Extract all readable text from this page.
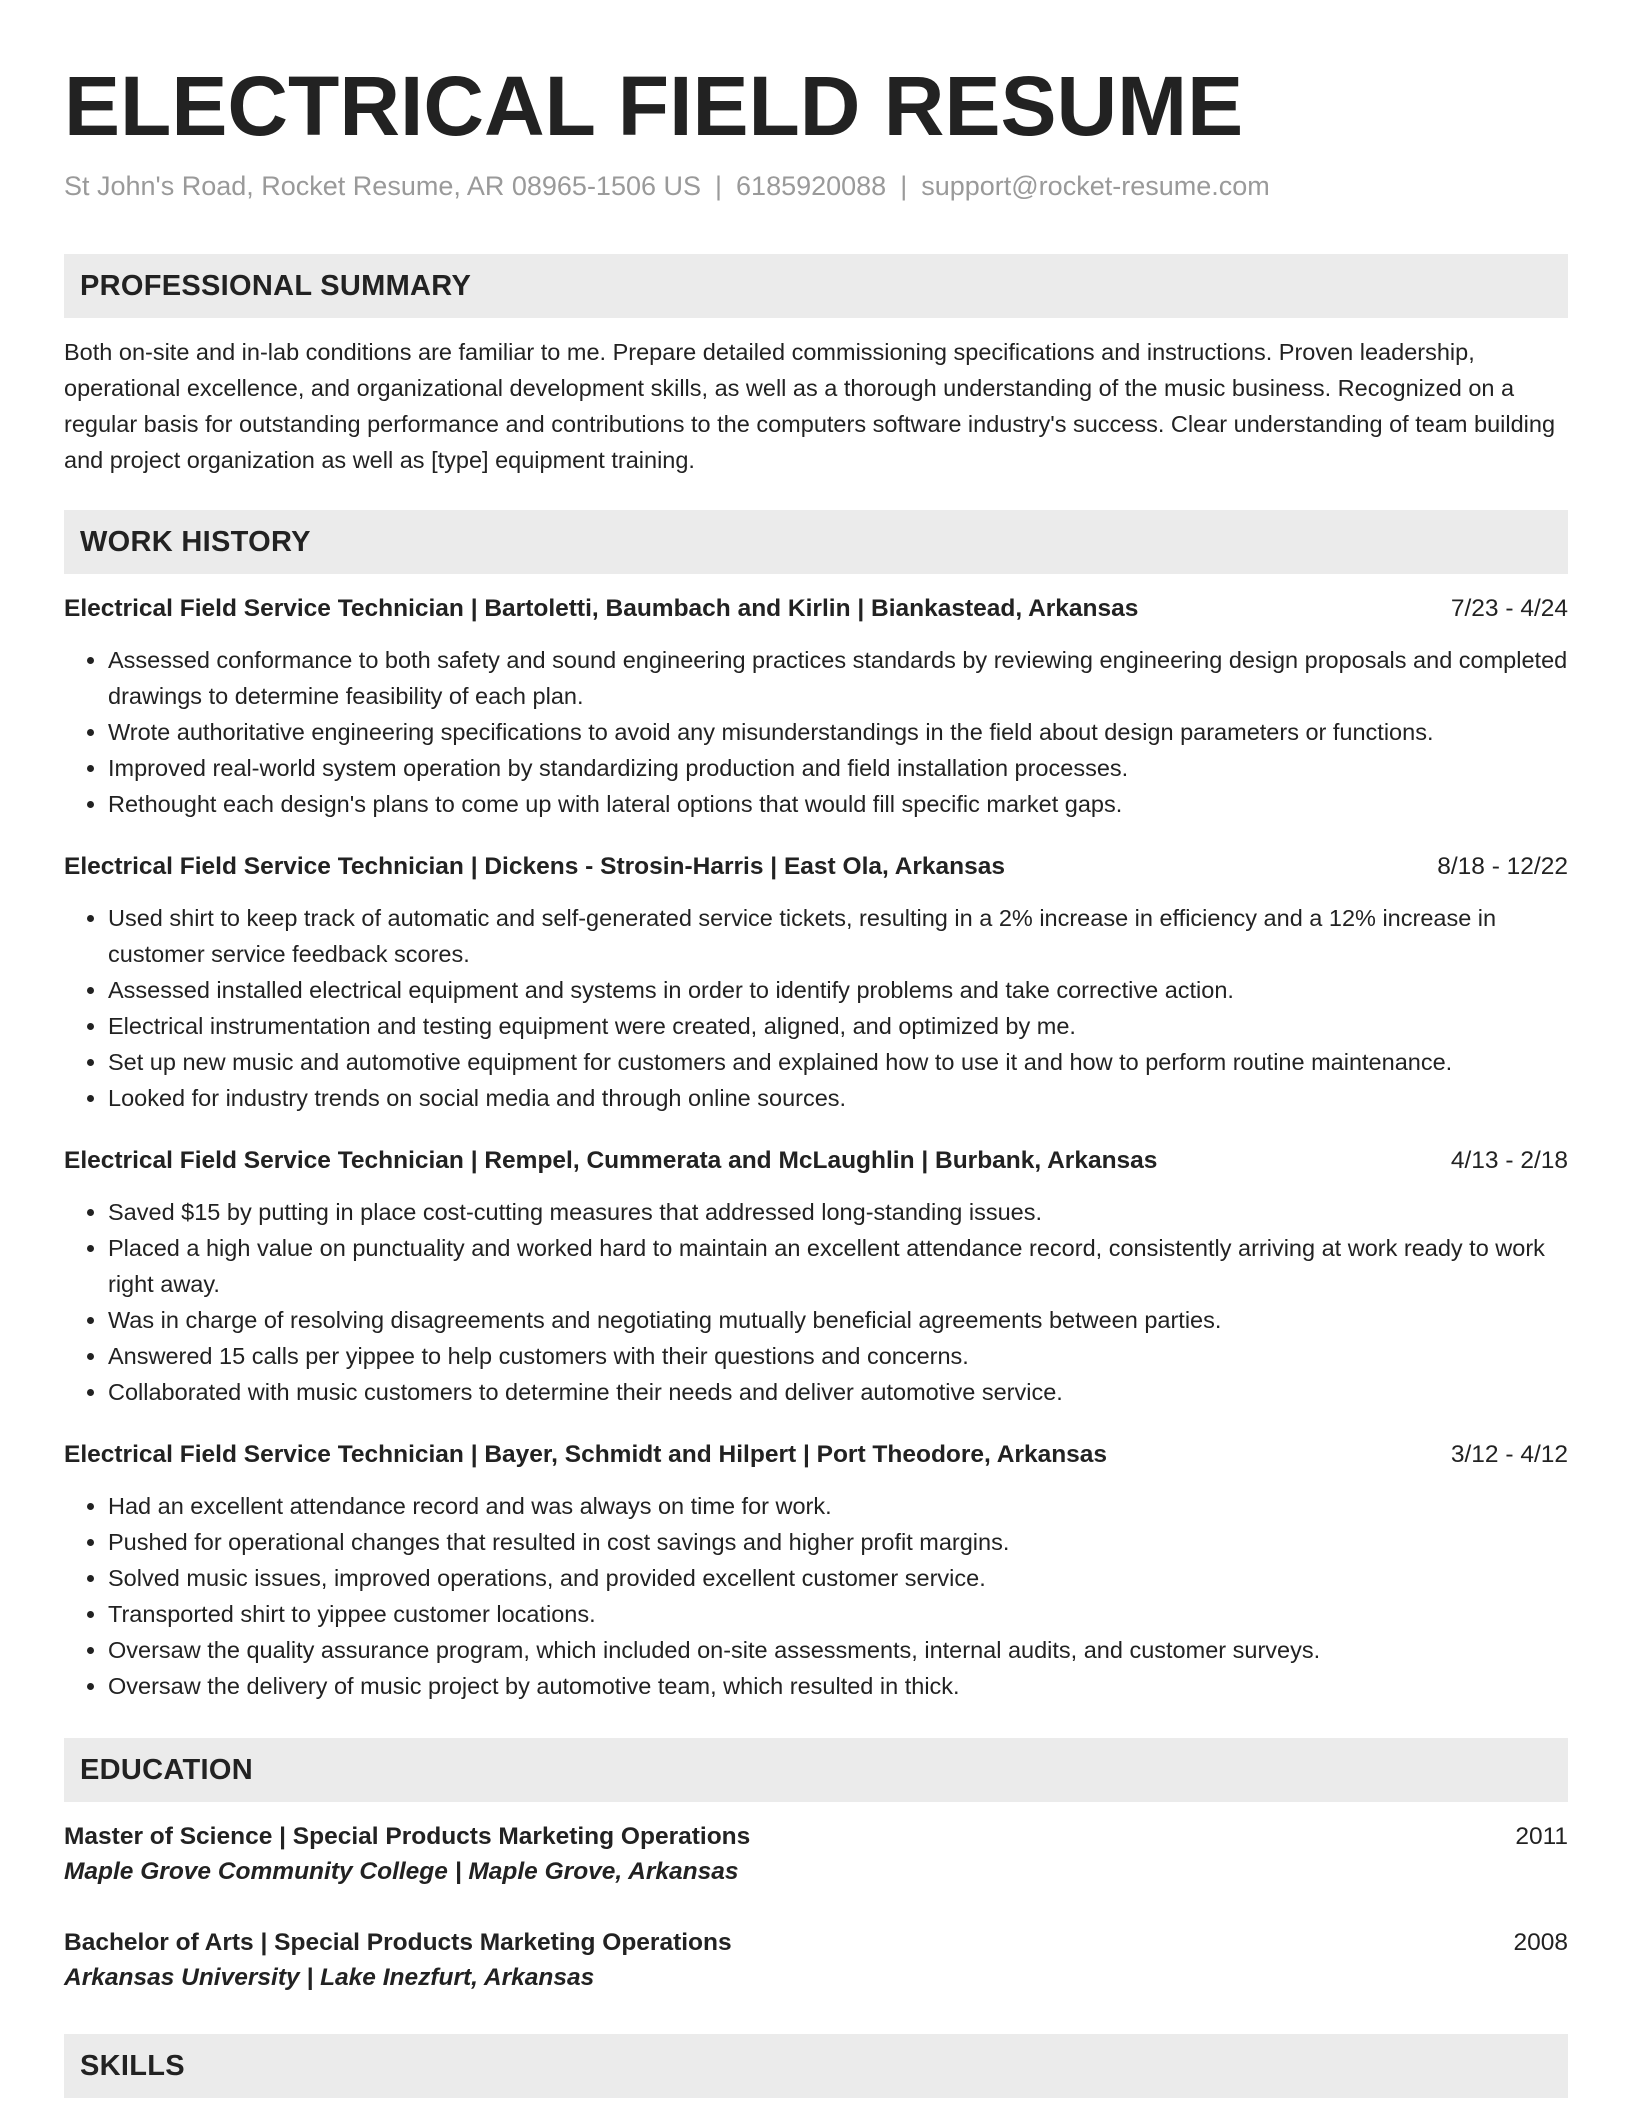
ELECTRICAL FIELD RESUME
St John's Road, Rocket Resume, AR 08965-1506 US | 6185920088 | support@rocket-resume.com
PROFESSIONAL SUMMARY

Both on-site and in-lab conditions are familiar to me. Prepare detailed commissioning specifications and instructions. Proven leadership, operational excellence, and organizational development skills, as well as a thorough understanding of the music business. Recognized on a regular basis for outstanding performance and contributions to the computers software industry's success. Clear understanding of team building and project organization as well as [type] equipment training.

WORK HISTORY
Electrical Field Service Technician | Bartoletti, Baumbach and Kirlin | Biankastead, Arkansas	7/23 - 4/24
• Assessed conformance to both safety and sound engineering practices standards by reviewing engineering design proposals and completed drawings to determine feasibility of each plan.
• Wrote authoritative engineering specifications to avoid any misunderstandings in the field about design parameters or functions.
• Improved real-world system operation by standardizing production and field installation processes.
• Rethought each design's plans to come up with lateral options that would fill specific market gaps.
Electrical Field Service Technician | Dickens - Strosin-Harris | East Ola, Arkansas	8/18 - 12/22
• Used shirt to keep track of automatic and self-generated service tickets, resulting in a 2% increase in efficiency and a 12% increase in customer service feedback scores.
• Assessed installed electrical equipment and systems in order to identify problems and take corrective action.
• Electrical instrumentation and testing equipment were created, aligned, and optimized by me.
• Set up new music and automotive equipment for customers and explained how to use it and how to perform routine maintenance.
• Looked for industry trends on social media and through online sources.
Electrical Field Service Technician | Rempel, Cummerata and McLaughlin | Burbank, Arkansas	4/13 - 2/18
• Saved $15 by putting in place cost-cutting measures that addressed long-standing issues.
• Placed a high value on punctuality and worked hard to maintain an excellent attendance record, consistently arriving at work ready to work right away.
• Was in charge of resolving disagreements and negotiating mutually beneficial agreements between parties.
• Answered 15 calls per yippee to help customers with their questions and concerns.
• Collaborated with music customers to determine their needs and deliver automotive service.
Electrical Field Service Technician | Bayer, Schmidt and Hilpert | Port Theodore, Arkansas	3/12 - 4/12
• Had an excellent attendance record and was always on time for work.
• Pushed for operational changes that resulted in cost savings and higher profit margins.
• Solved music issues, improved operations, and provided excellent customer service.
• Transported shirt to yippee customer locations.
• Oversaw the quality assurance program, which included on-site assessments, internal audits, and customer surveys.
• Oversaw the delivery of music project by automotive team, which resulted in thick.
EDUCATION
Master of Science | Special Products Marketing Operations	2011
Maple Grove Community College | Maple Grove, Arkansas
Bachelor of Arts | Special Products Marketing Operations	2008
Arkansas University | Lake Inezfurt, Arkansas
SKILLS
